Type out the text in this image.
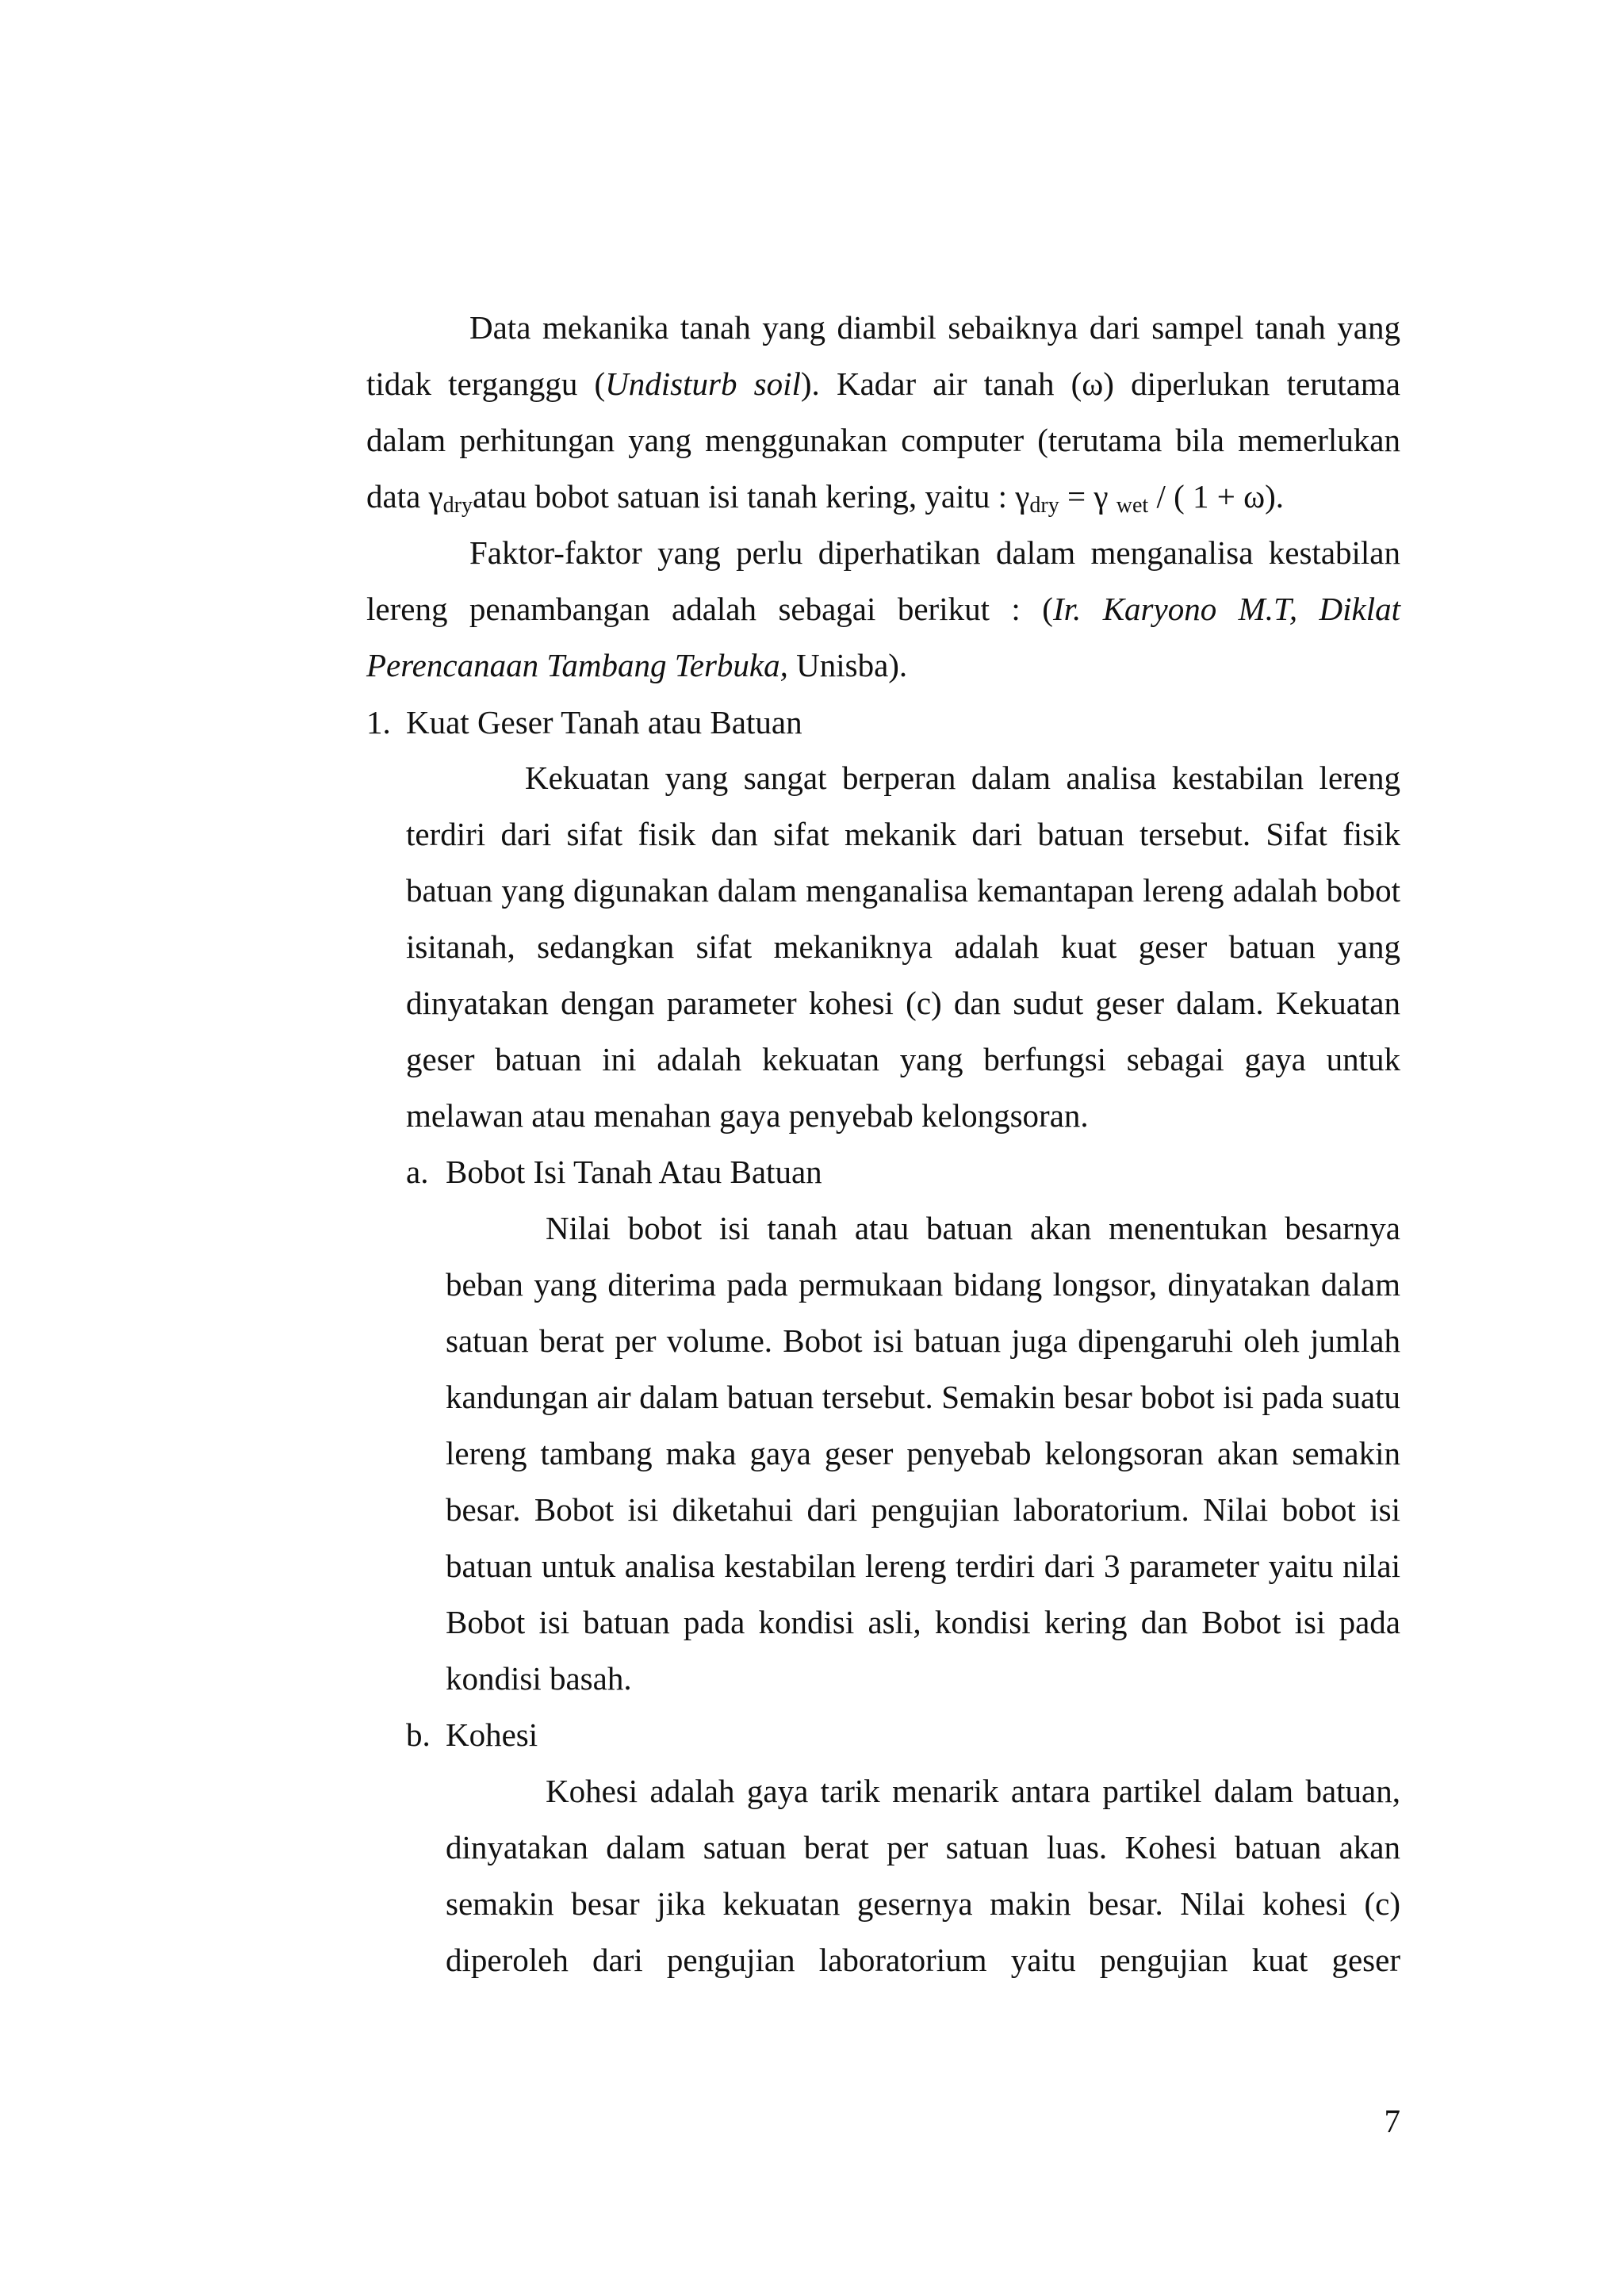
Data mekanika tanah yang diambil sebaiknya dari sampel tanah yang tidak terganggu (Undisturb soil). Kadar air tanah (ω) diperlukan terutama dalam perhitungan yang menggunakan computer (terutama bila memerlukan data $\gamma_{dry}atau$ bobot satuan isi tanah kering, yaitu : $\gamma_{dry} = \gamma$ $_{wet}$ / ( 1 + ω).
Faktor-faktor yang perlu diperhatikan dalam menganalisa kestabilan lereng penambangan adalah sebagai berikut : (Ir. Karyono M.T, Diklat Perencanaan Tambang Terbuka, Unisba).
1. Kuat Geser Tanah atau Batuan
Kekuatan yang sangat berperan dalam analisa kestabilan lereng terdiri dari sifat fisik dan sifat mekanik dari batuan tersebut. Sifat fisik batuan yang digunakan dalam menganalisa kemantapan lereng adalah bobot isitanah, sedangkan sifat mekaniknya adalah kuat geser batuan yang dinyatakan dengan parameter kohesi (c) dan sudut geser dalam. Kekuatan geser batuan ini adalah kekuatan yang berfungsi sebagai gaya untuk melawan atau menahan gaya penyebab kelongsoran.
a. Bobot Isi Tanah Atau Batuan
Nilai bobot isi tanah atau batuan akan menentukan besarnya beban yang diterima pada permukaan bidang longsor, dinyatakan dalam satuan berat per volume. Bobot isi batuan juga dipengaruhi oleh jumlah kandungan air dalam batuan tersebut. Semakin besar bobot isi pada suatu lereng tambang maka gaya geser penyebab kelongsoran akan semakin besar. Bobot isi diketahui dari pengujian laboratorium. Nilai bobot isi batuan untuk analisa kestabilan lereng terdiri dari 3 parameter yaitu nilai Bobot isi batuan pada kondisi asli, kondisi kering dan Bobot isi pada kondisi basah.
b. Kohesi
Kohesi adalah gaya tarik menarik antara partikel dalam batuan, dinyatakan dalam satuan berat per satuan luas. Kohesi batuan akan semakin besar jika kekuatan gesernya makin besar. Nilai kohesi (c) diperoleh dari pengujian laboratorium yaitu pengujian kuat geser
7
